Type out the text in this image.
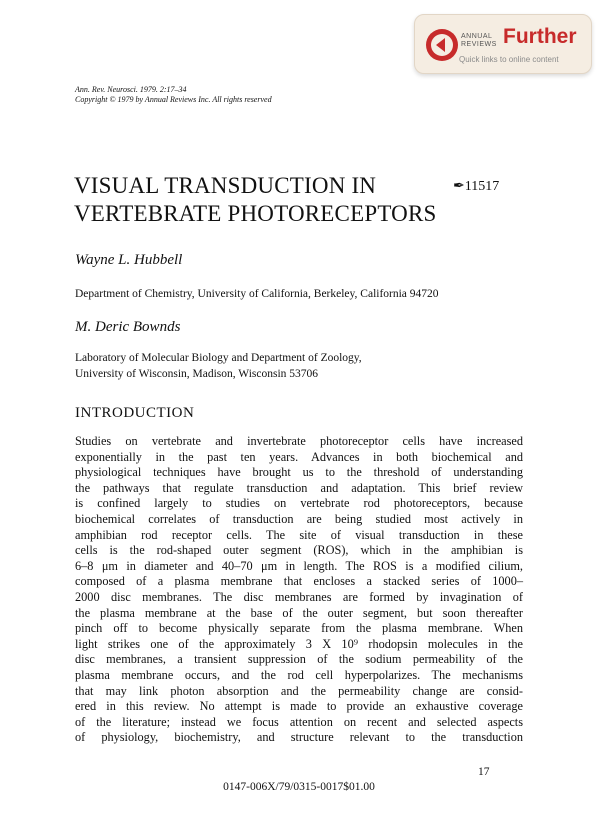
ANNUAL
REVIEWS Further
Quick links to online content
Ann. Rev. Neurosci. 1979. 2:17–34
Copyright © 1979 by Annual Reviews Inc. All rights reserved
VISUAL TRANSDUCTION IN
VERTEBRATE PHOTORECEPTORS
✒11517
Wayne L. Hubbell
Department of Chemistry, University of California, Berkeley, California 94720
M. Deric Bownds
Laboratory of Molecular Biology and Department of Zoology,
University of Wisconsin, Madison, Wisconsin 53706
INTRODUCTION
Studies on vertebrate and invertebrate photoreceptor cells have increased
exponentially in the past ten years. Advances in both biochemical and
physiological techniques have brought us to the threshold of understanding
the pathways that regulate transduction and adaptation. This brief review
is confined largely to studies on vertebrate rod photoreceptors, because
biochemical correlates of transduction are being studied most actively in
amphibian rod receptor cells. The site of visual transduction in these
cells is the rod-shaped outer segment (ROS), which in the amphibian is
6–8 μm in diameter and 40–70 μm in length. The ROS is a modified cilium,
composed of a plasma membrane that encloses a stacked series of 1000–
2000 disc membranes. The disc membranes are formed by invagination of
the plasma membrane at the base of the outer segment, but soon thereafter
pinch off to become physically separate from the plasma membrane. When
light strikes one of the approximately 3 X 10⁹ rhodopsin molecules in the
disc membranes, a transient suppression of the sodium permeability of the
plasma membrane occurs, and the rod cell hyperpolarizes. The mechanisms
that may link photon absorption and the permeability change are consid-
ered in this review. No attempt is made to provide an exhaustive coverage
of the literature; instead we focus attention on recent and selected aspects
of physiology, biochemistry, and structure relevant to the transduction
17
0147-006X/79/0315-0017$01.00
